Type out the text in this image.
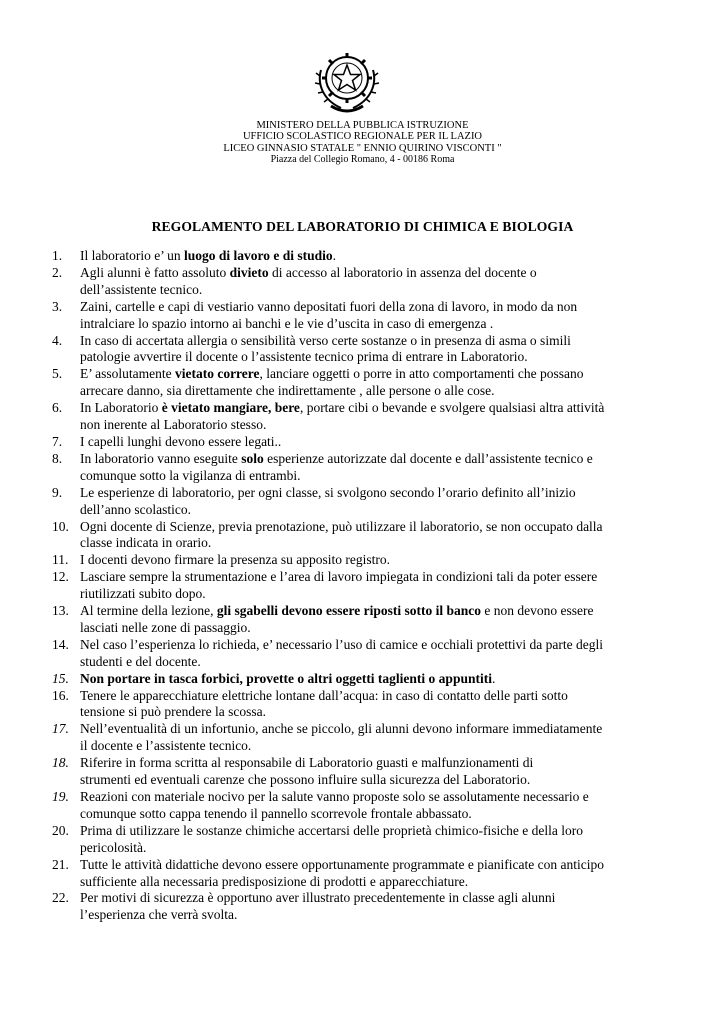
MINISTERO DELLA PUBBLICA ISTRUZIONE
UFFICIO SCOLASTICO REGIONALE PER IL LAZIO
LICEO GINNASIO STATALE " ENNIO QUIRINO VISCONTI "
Piazza del Collegio Romano, 4 - 00186 Roma
REGOLAMENTO DEL LABORATORIO DI CHIMICA E BIOLOGIA
1.	Il laboratorio e’ un luogo di lavoro e di studio.
2.	Agli alunni è fatto assoluto divieto di accesso al laboratorio in assenza del docente o
dell’assistente tecnico.
3.	Zaini, cartelle e capi di vestiario vanno depositati fuori della zona di lavoro, in modo da non
intralciare lo spazio intorno ai banchi e le vie d’uscita in caso di emergenza .
4.	In caso di accertata allergia o sensibilità verso certe sostanze o in presenza di asma o simili
patologie avvertire il docente o l’assistente tecnico prima di entrare in Laboratorio.
5.	E’ assolutamente vietato correre, lanciare oggetti o porre in atto comportamenti che possano
arrecare danno, sia direttamente che indirettamente , alle persone o alle cose.
6.	In Laboratorio è vietato mangiare, bere, portare cibi o bevande e svolgere qualsiasi altra attività
non inerente al Laboratorio stesso.
7.	I capelli lunghi devono essere legati..
8.	In laboratorio vanno eseguite solo esperienze autorizzate dal docente e dall’assistente tecnico e
comunque sotto la vigilanza di entrambi.
9.	Le esperienze di laboratorio, per ogni classe, si svolgono secondo l’orario definito all’inizio
dell’anno scolastico.
10. Ogni docente di Scienze, previa prenotazione, può utilizzare il laboratorio, se non occupato dalla
classe indicata in orario.
11. I docenti devono firmare la presenza su apposito registro.
12. Lasciare sempre la strumentazione e l’area di lavoro impiegata in condizioni tali da poter essere
riutilizzati subito dopo.
13. Al termine della lezione, gli sgabelli devono essere riposti sotto il banco e non devono essere
lasciati nelle zone di passaggio.
14. Nel caso l’esperienza lo richieda, e’ necessario l’uso di camice e occhiali protettivi da parte degli
studenti e del docente.
15. Non portare in tasca forbici, provette o altri oggetti taglienti o appuntiti.
16. Tenere le apparecchiature elettriche lontane dall’acqua: in caso di contatto delle parti sotto
tensione si può prendere la scossa.
17. Nell’eventualità di un infortunio, anche se piccolo, gli alunni devono informare immediatamente
il docente e l’assistente tecnico.
18. Riferire in forma scritta al responsabile di Laboratorio guasti e malfunzionamenti di
strumenti ed eventuali carenze che possono influire sulla sicurezza del Laboratorio.
19. Reazioni con materiale nocivo per la salute vanno proposte solo se assolutamente necessario e
comunque sotto cappa tenendo il pannello scorrevole frontale abbassato.
20. Prima di utilizzare le sostanze chimiche accertarsi delle proprietà chimico-fisiche e della loro
pericolosità.
21. Tutte le attività didattiche devono essere opportunamente programmate e pianificate con anticipo
sufficiente alla necessaria predisposizione di prodotti e apparecchiature.
22. Per motivi di sicurezza è opportuno aver illustrato precedentemente in classe agli alunni
l’esperienza che verrà svolta.
